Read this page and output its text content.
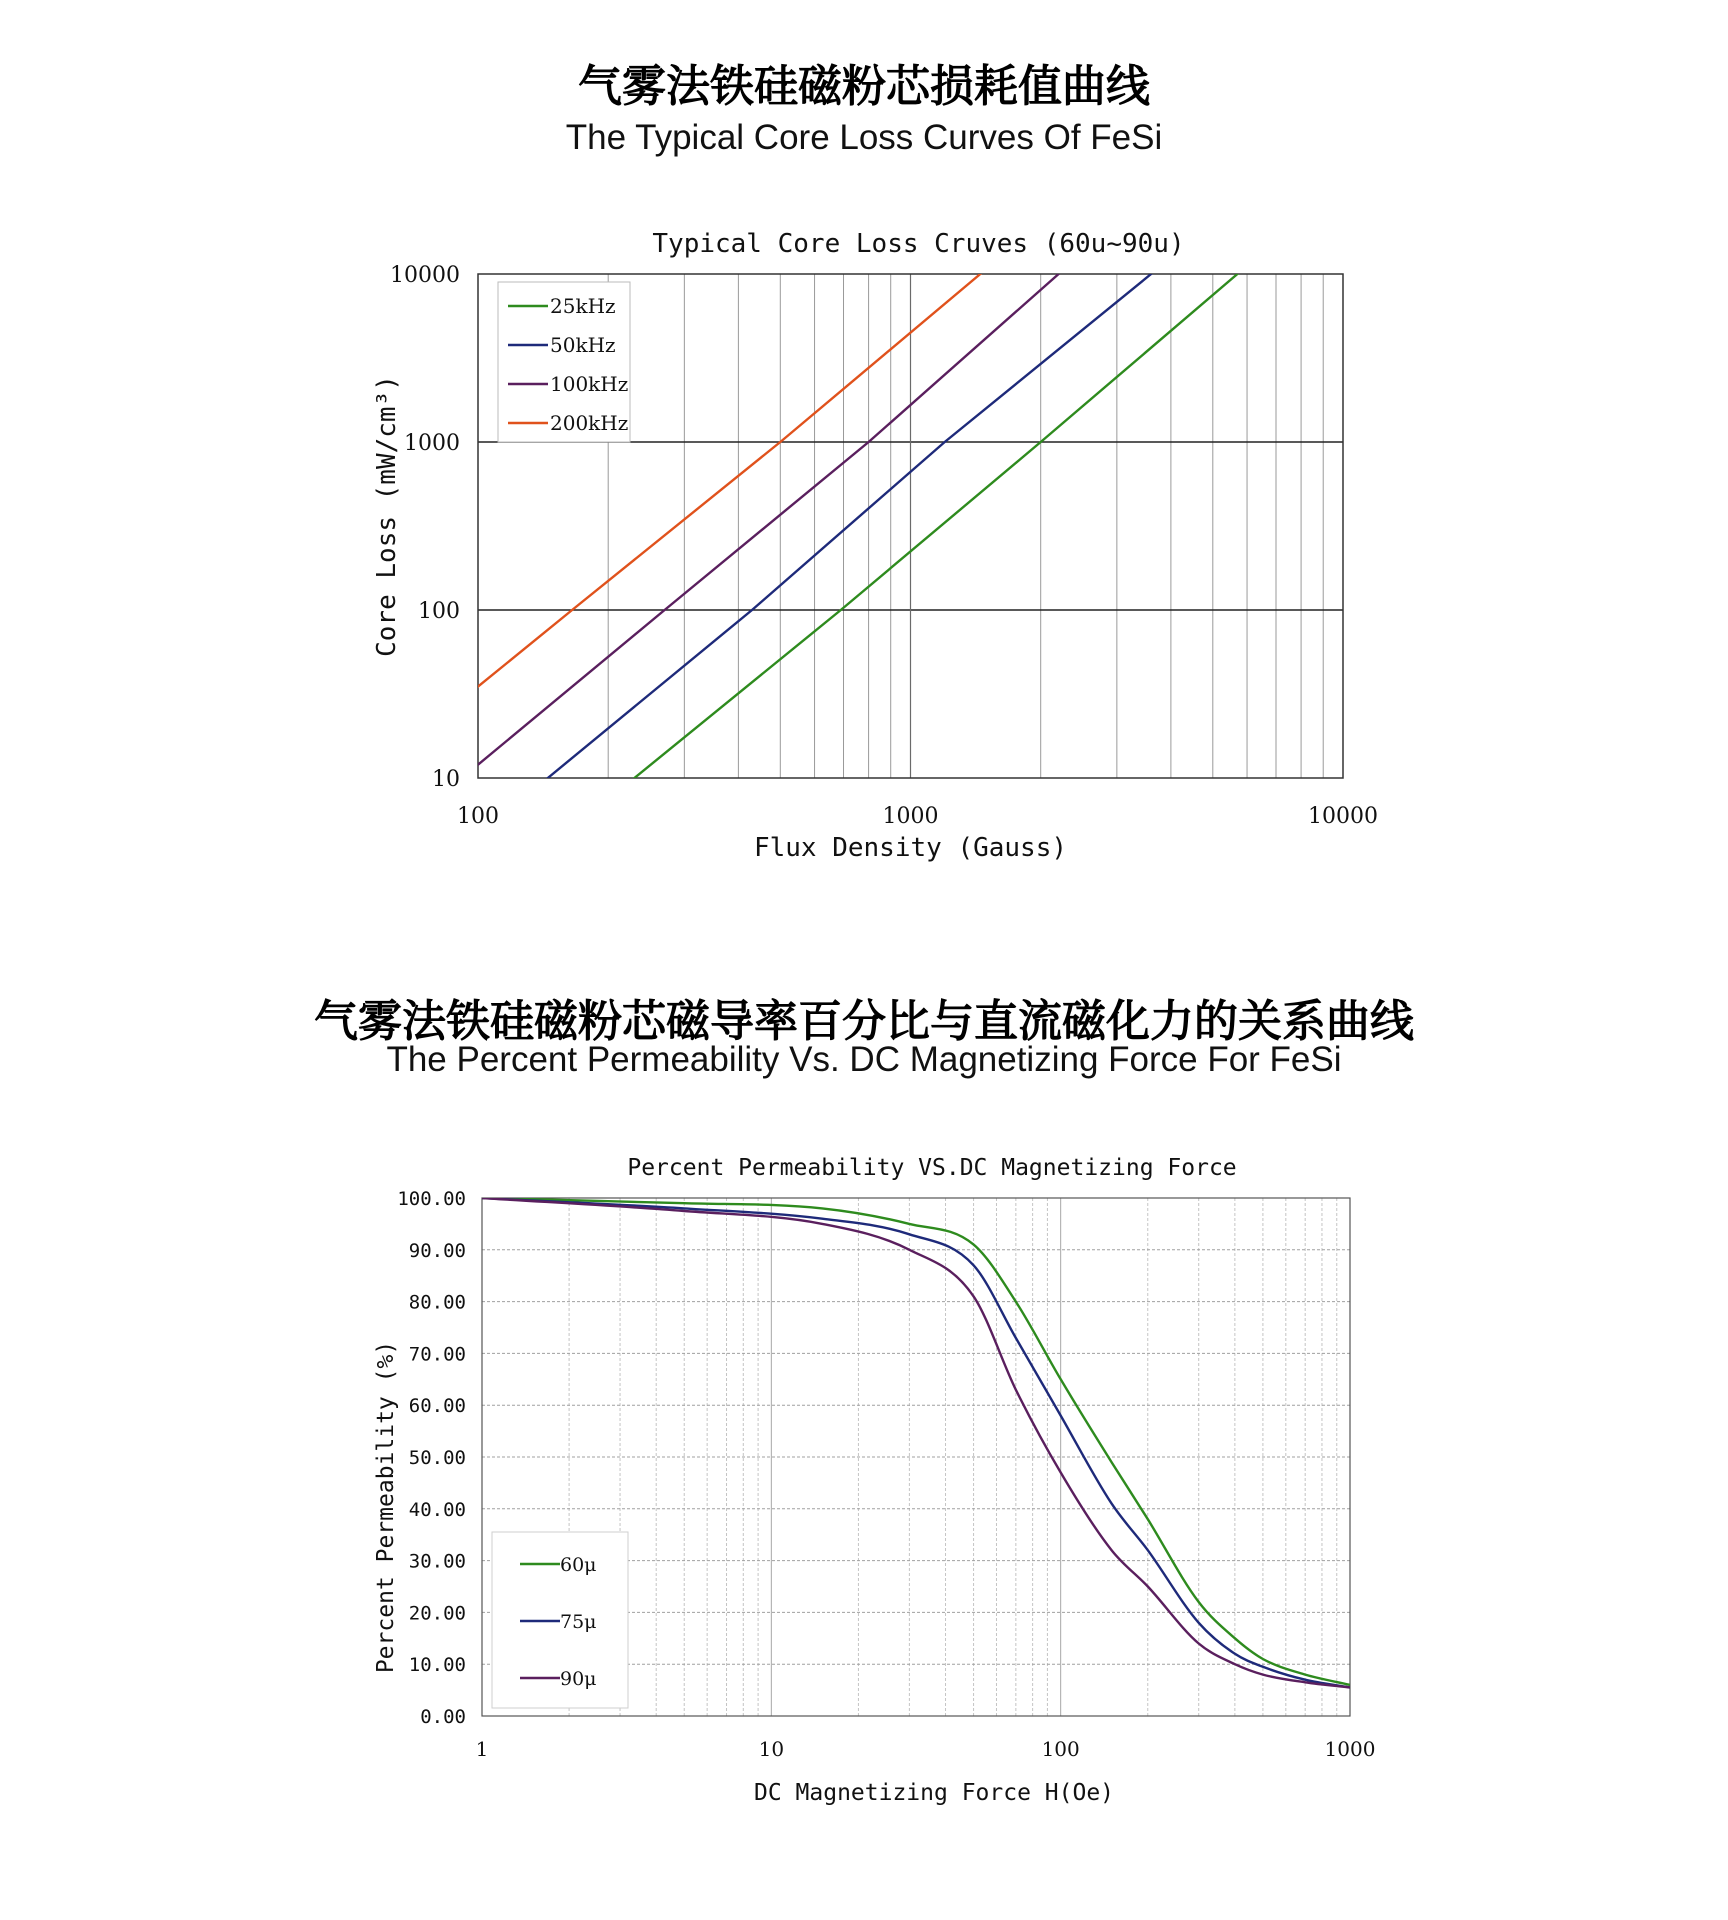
气雾法铁硅磁粉芯损耗值曲线
The Typical Core Loss Curves Of FeSi
25kHz
50kHz
100kHz
200kHz
100	1000	10000
10
100
1000
10000
Typical Core Loss Cruves (60u~90u)
Flux Density (Gauss)
Core Loss (mW/cm³)
气雾法铁硅磁粉芯磁导率百分比与直流磁化力的关系曲线
The Percent Permeability Vs. DC Magnetizing Force For FeSi
60μ
75μ
90μ
1	10	100	1000
0.00
10.00
20.00
30.00
40.00
50.00
60.00
70.00
80.00
90.00
100.00
Percent Permeability VS.DC Magnetizing Force
DC Magnetizing Force H(Oe)
Percent Permeability (%)
